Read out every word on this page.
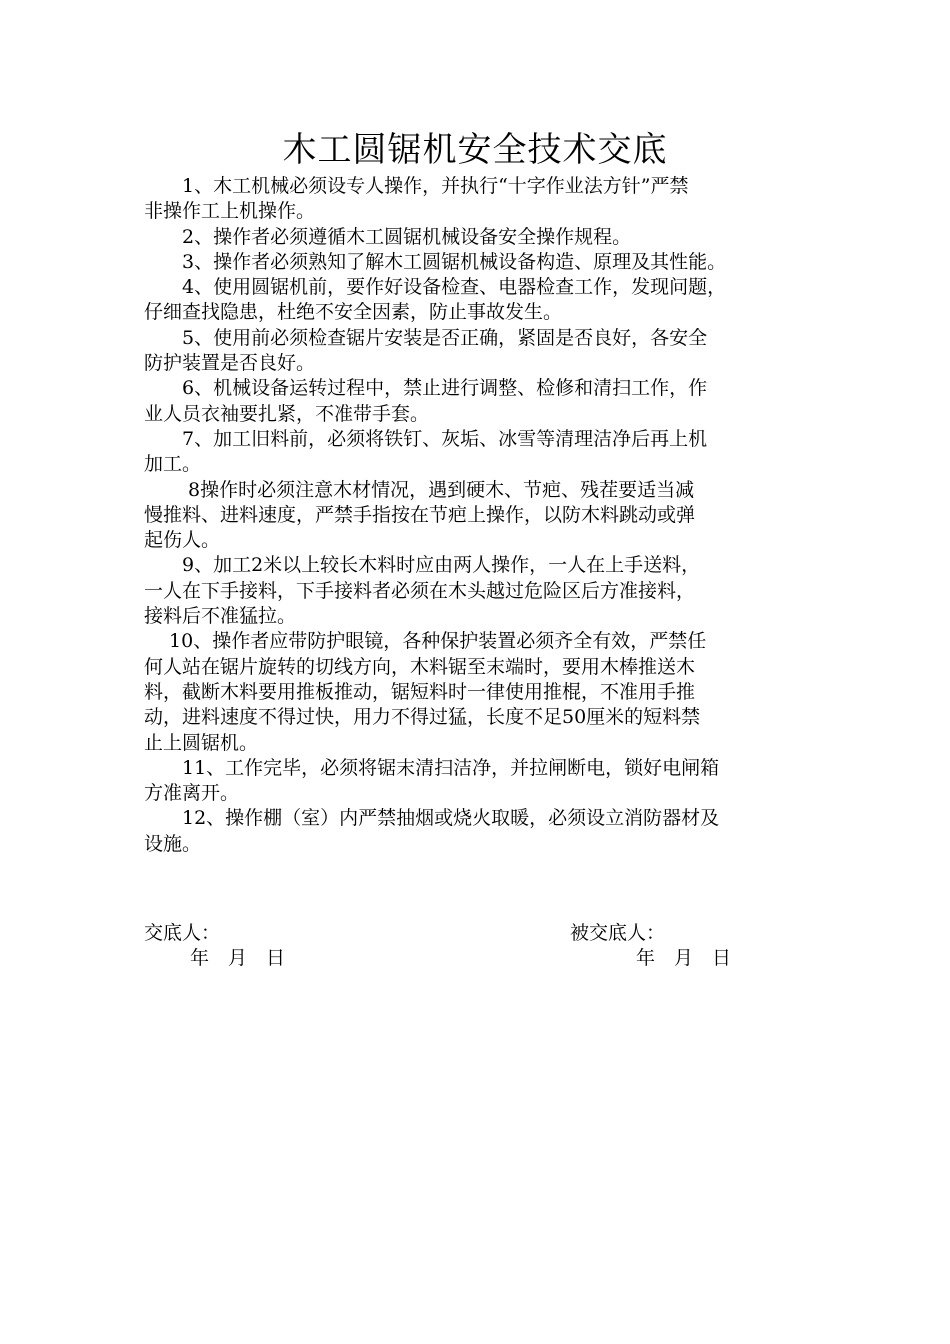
木工圆锯机安全技术交底

　　1、木工机械必须设专人操作，并执行“十字作业法方针”严禁
非操作工上机操作。

　　2、操作者必须遵循木工圆锯机械设备安全操作规程。

　　3、操作者必须熟知了解木工圆锯机械设备构造、原理及其性能。

　　4、使用圆锯机前，要作好设备检查、电器检查工作，发现问题，
仔细查找隐患，杜绝不安全因素，防止事故发生。

　　5、使用前必须检查锯片安装是否正确，紧固是否良好，各安全
防护装置是否良好。

　　6、机械设备运转过程中，禁止进行调整、检修和清扫工作，作
业人员衣袖要扎紧，不准带手套。

　　7、加工旧料前，必须将铁钉、灰垢、冰雪等清理洁净后再上机
加工。

　　 8操作时必须注意木材情况，遇到硬木、节疤、残茬要适当减
慢推料、进料速度，严禁手指按在节疤上操作，以防木料跳动或弹
起伤人。

　　9、加工2米以上较长木料时应由两人操作，一人在上手送料，
一人在下手接料，下手接料者必须在木头越过危险区后方准接料，
接料后不准猛拉。

　 10、操作者应带防护眼镜，各种保护装置必须齐全有效，严禁任
何人站在锯片旋转的切线方向，木料锯至末端时，要用木棒推送木
料，截断木料要用推板推动，锯短料时一律使用推棍，不准用手推
动，进料速度不得过快，用力不得过猛，长度不足50厘米的短料禁
止上圆锯机。

　　11、工作完毕，必须将锯末清扫洁净，并拉闸断电，锁好电闸箱
方准离开。

　　12、操作棚（室）内严禁抽烟或烧火取暖，必须设立消防器材及
设施。

交底人：
年　月　日
被交底人：
年　月　日
